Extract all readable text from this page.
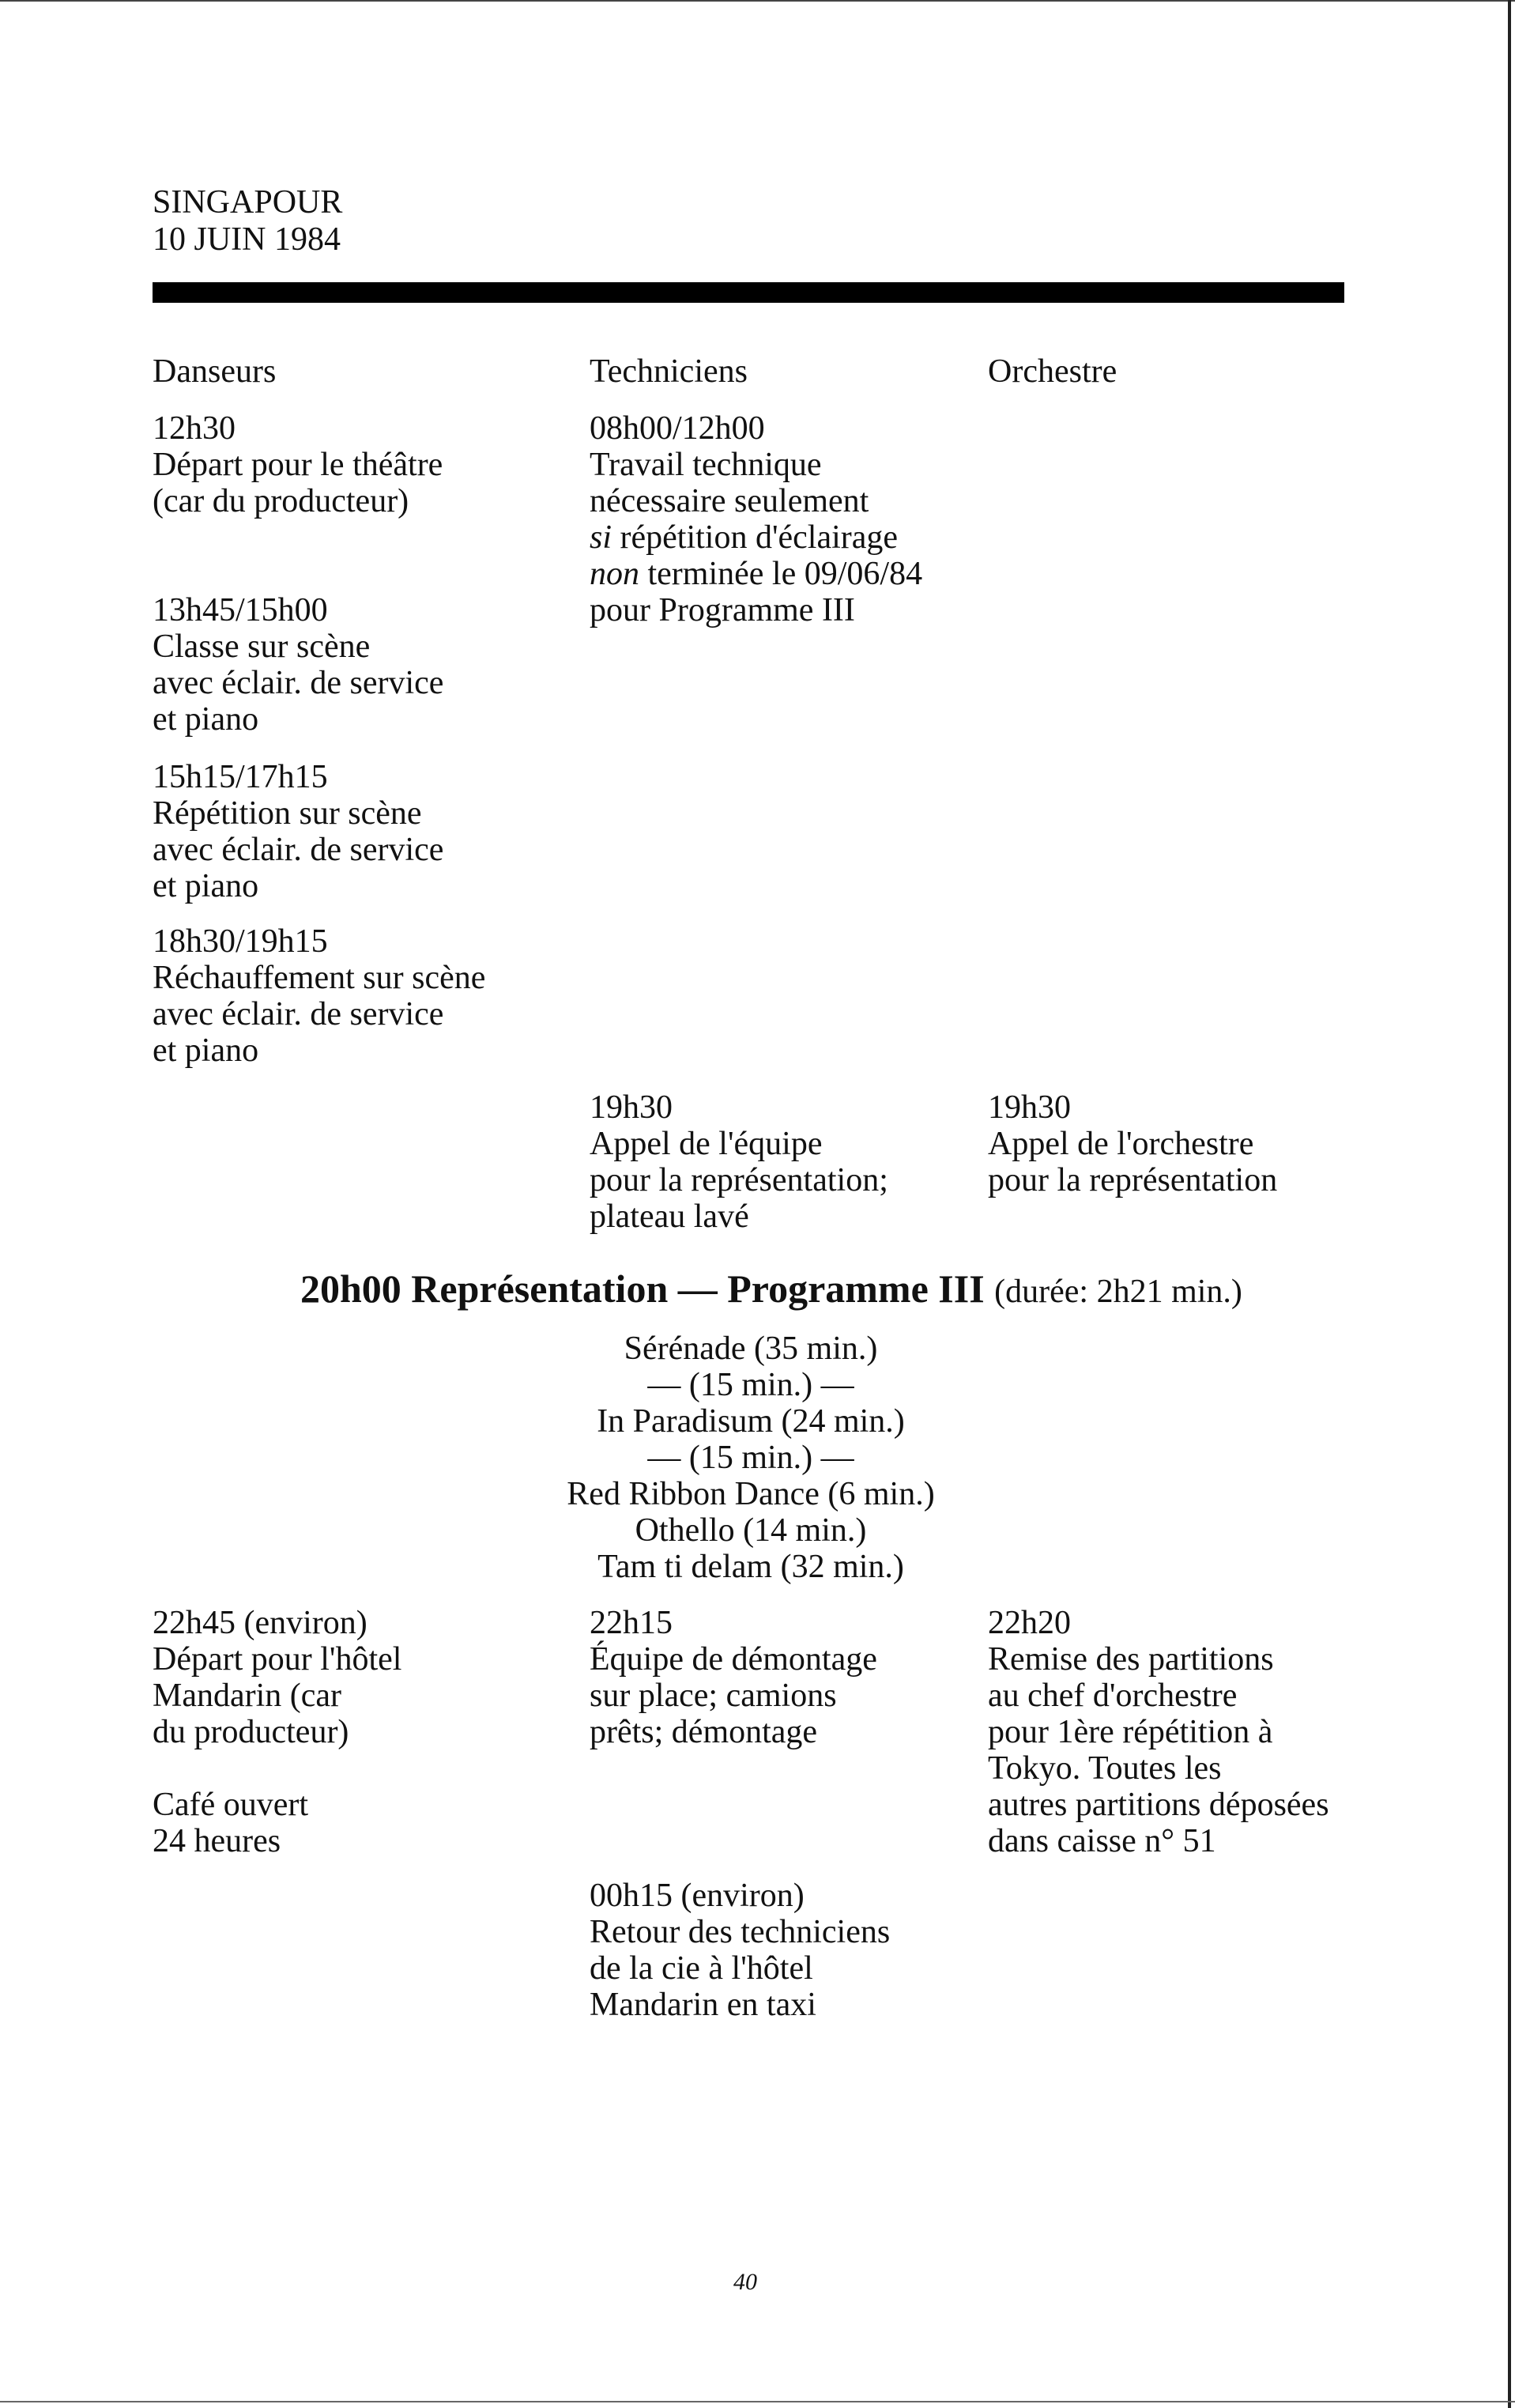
SINGAPOUR
10 JUIN 1984
Danseurs	Techniciens	Orchestre
12h30
Départ pour le théâtre
(car du producteur)
13h45/15h00
Classe sur scène
avec éclair. de service
et piano
15h15/17h15
Répétition sur scène
avec éclair. de service
et piano
18h30/19h15
Réchauffement sur scène
avec éclair. de service
et piano
08h00/12h00
Travail technique
nécessaire seulement
si répétition d'éclairage
non terminée le 09/06/84
pour Programme III
19h30
Appel de l'équipe
pour la représentation;
plateau lavé
19h30
Appel de l'orchestre
pour la représentation
20h00 Représentation — Programme III (durée: 2h21 min.)
Sérénade (35 min.)
— (15 min.) —
In Paradisum (24 min.)
— (15 min.) —
Red Ribbon Dance (6 min.)
Othello (14 min.)
Tam ti delam (32 min.)
22h45 (environ)
Départ pour l'hôtel
Mandarin (car
du producteur)
Café ouvert
24 heures
22h15
Équipe de démontage
sur place; camions
prêts; démontage
22h20
Remise des partitions
au chef d'orchestre
pour 1ère répétition à
Tokyo. Toutes les
autres partitions déposées
dans caisse n° 51
00h15 (environ)
Retour des techniciens
de la cie à l'hôtel
Mandarin en taxi
40
